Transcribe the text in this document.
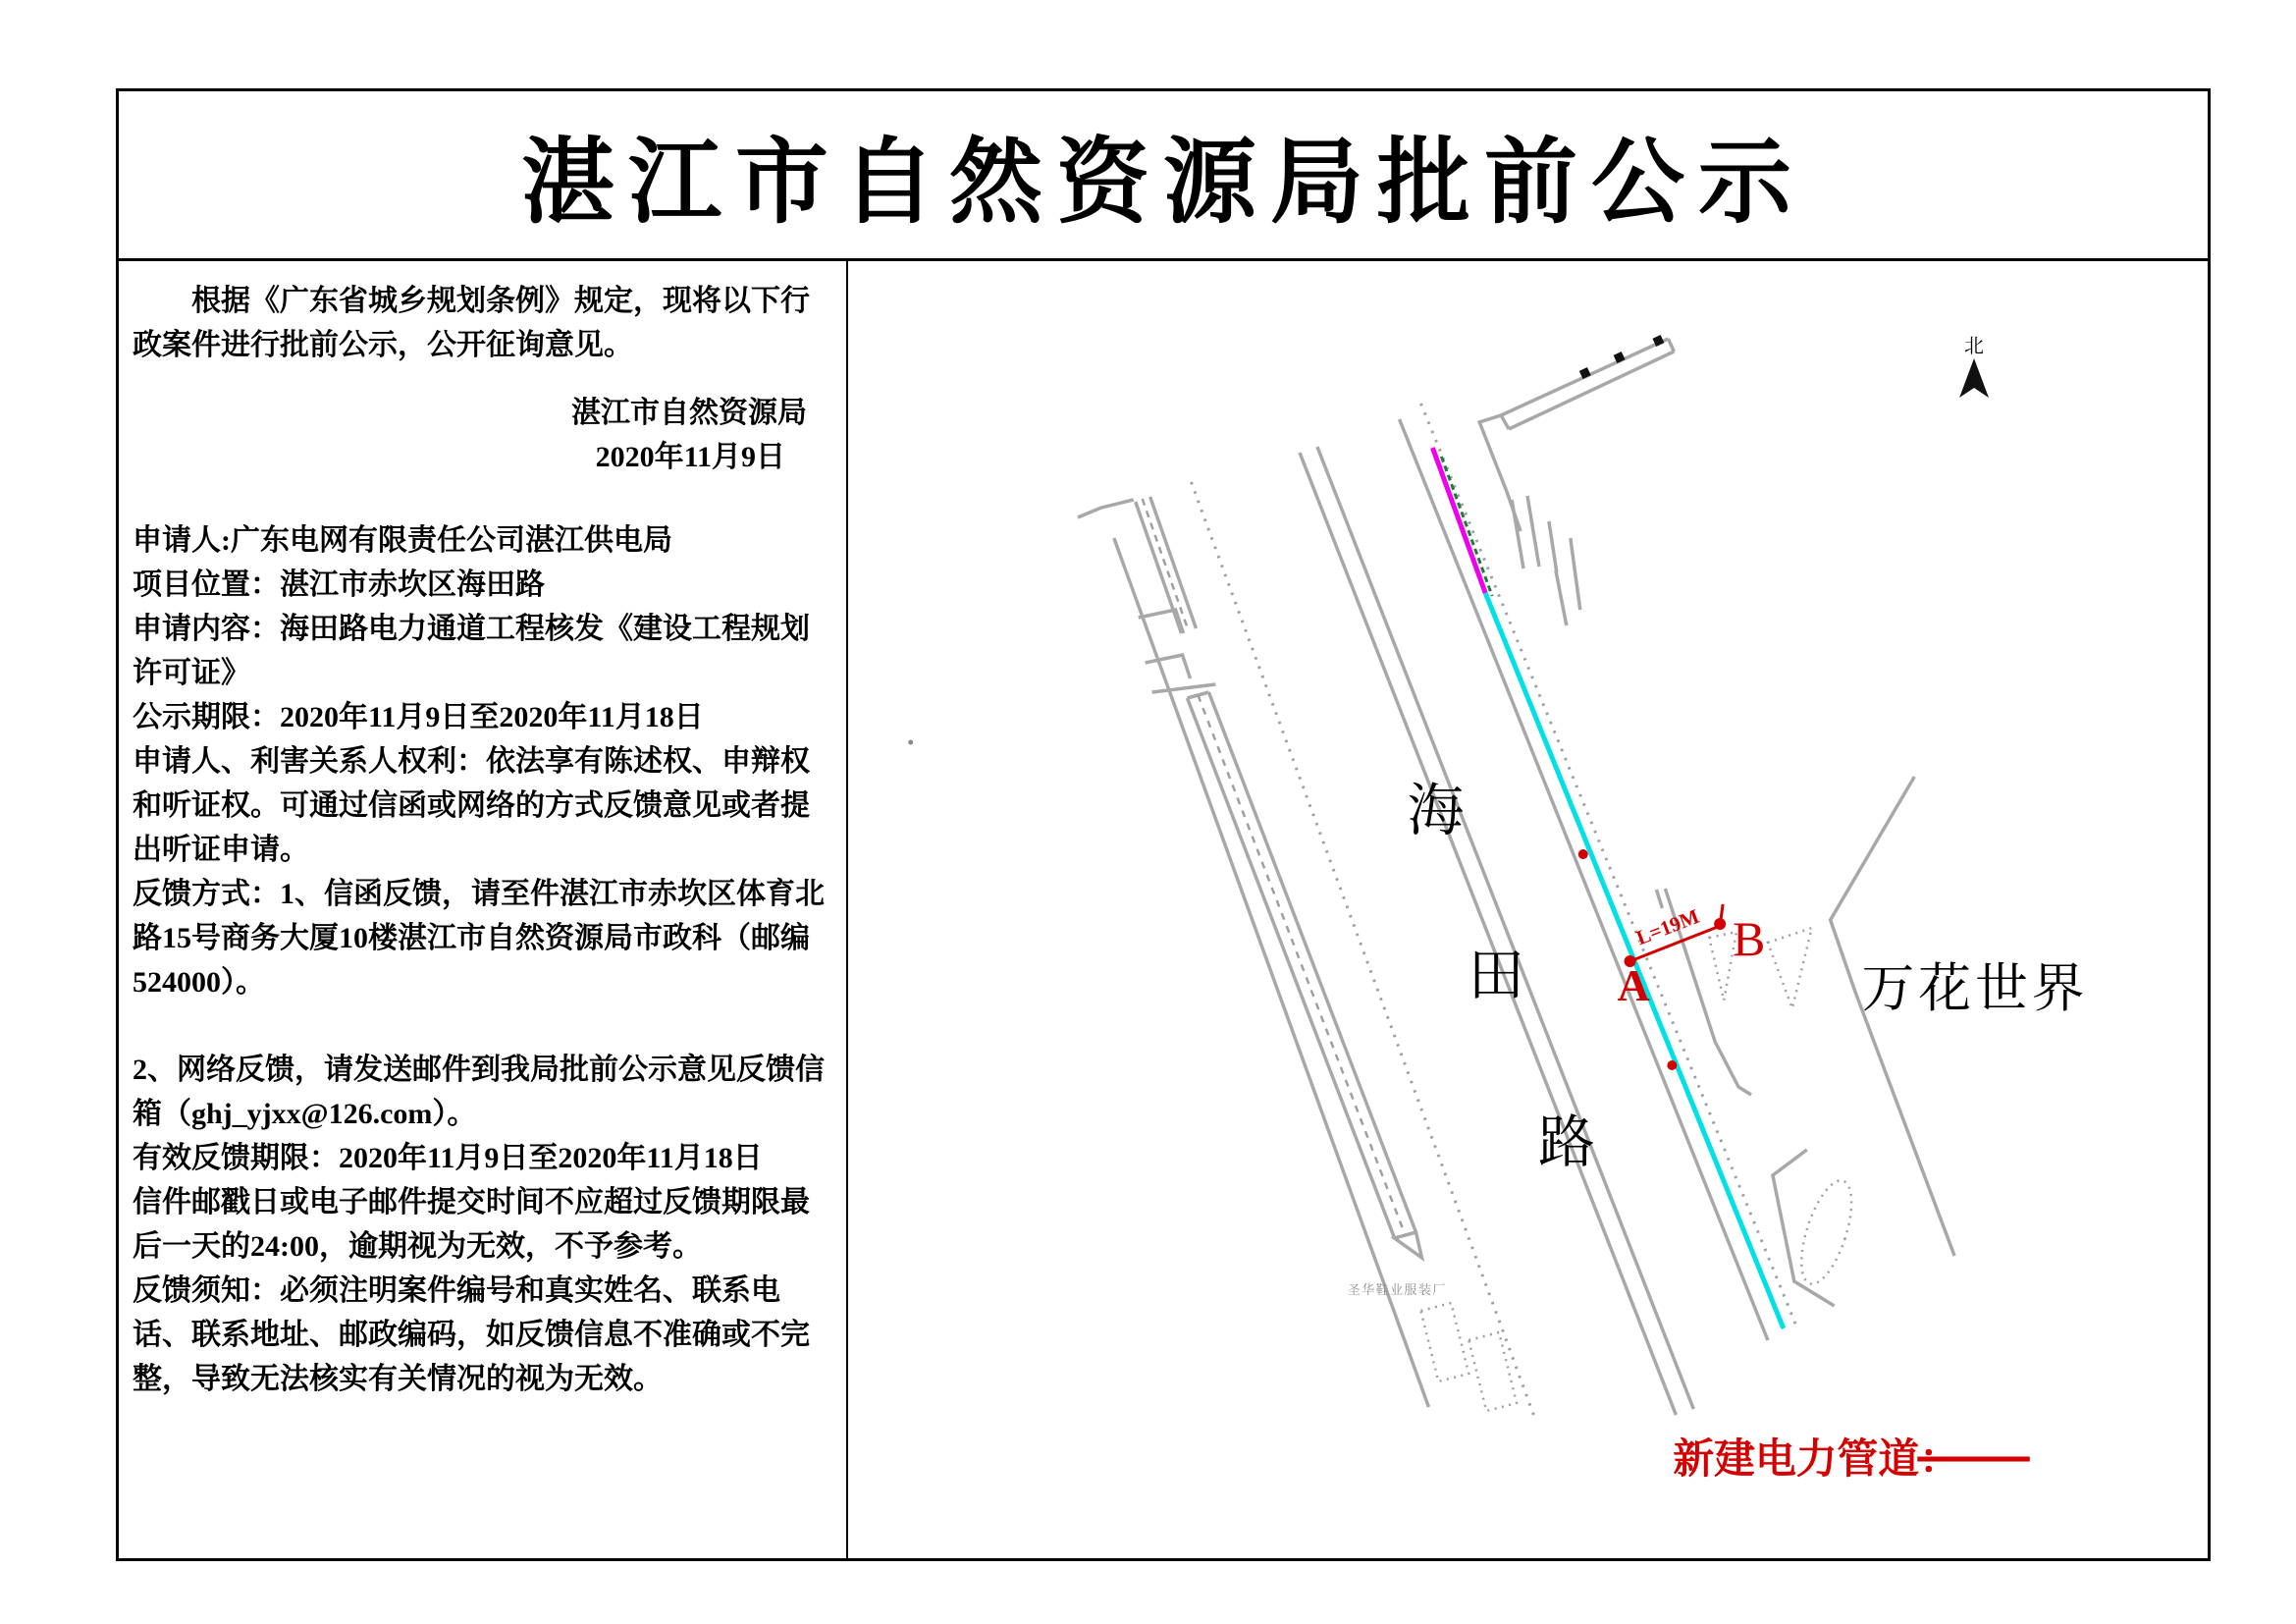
湛江市自然资源局批前公示

根据《广东省城乡规划条例》规定，现将以下行政案件进行批前公示，公开征询意见。

湛江市自然资源局

2020年11月9日

申请人:广东电网有限责任公司湛江供电局

项目位置：湛江市赤坎区海田路

申请内容：海田路电力通道工程核发《建设工程规划许可证》

公示期限：2020年11月9日至2020年11月18日

申请人、利害关系人权利：依法享有陈述权、申辩权和听证权。可通过信函或网络的方式反馈意见或者提出听证申请。

反馈方式：1、信函反馈，请至件湛江市赤坎区体育北路15号商务大厦10楼湛江市自然资源局市政科（邮编524000）。

2、网络反馈，请发送邮件到我局批前公示意见反馈信箱（ghj_yjxx@126.com）。

有效反馈期限：2020年11月9日至2020年11月18日

信件邮戳日或电子邮件提交时间不应超过反馈期限最后一天的24:00，逾期视为无效，不予参考。

反馈须知：必须注明案件编号和真实姓名、联系电话、联系地址、邮政编码，如反馈信息不准确或不完整，导致无法核实有关情况的视为无效。

A
B
L=19M
海
田
路
万花世界
圣华鞋业服装厂
北
新建电力管道：
